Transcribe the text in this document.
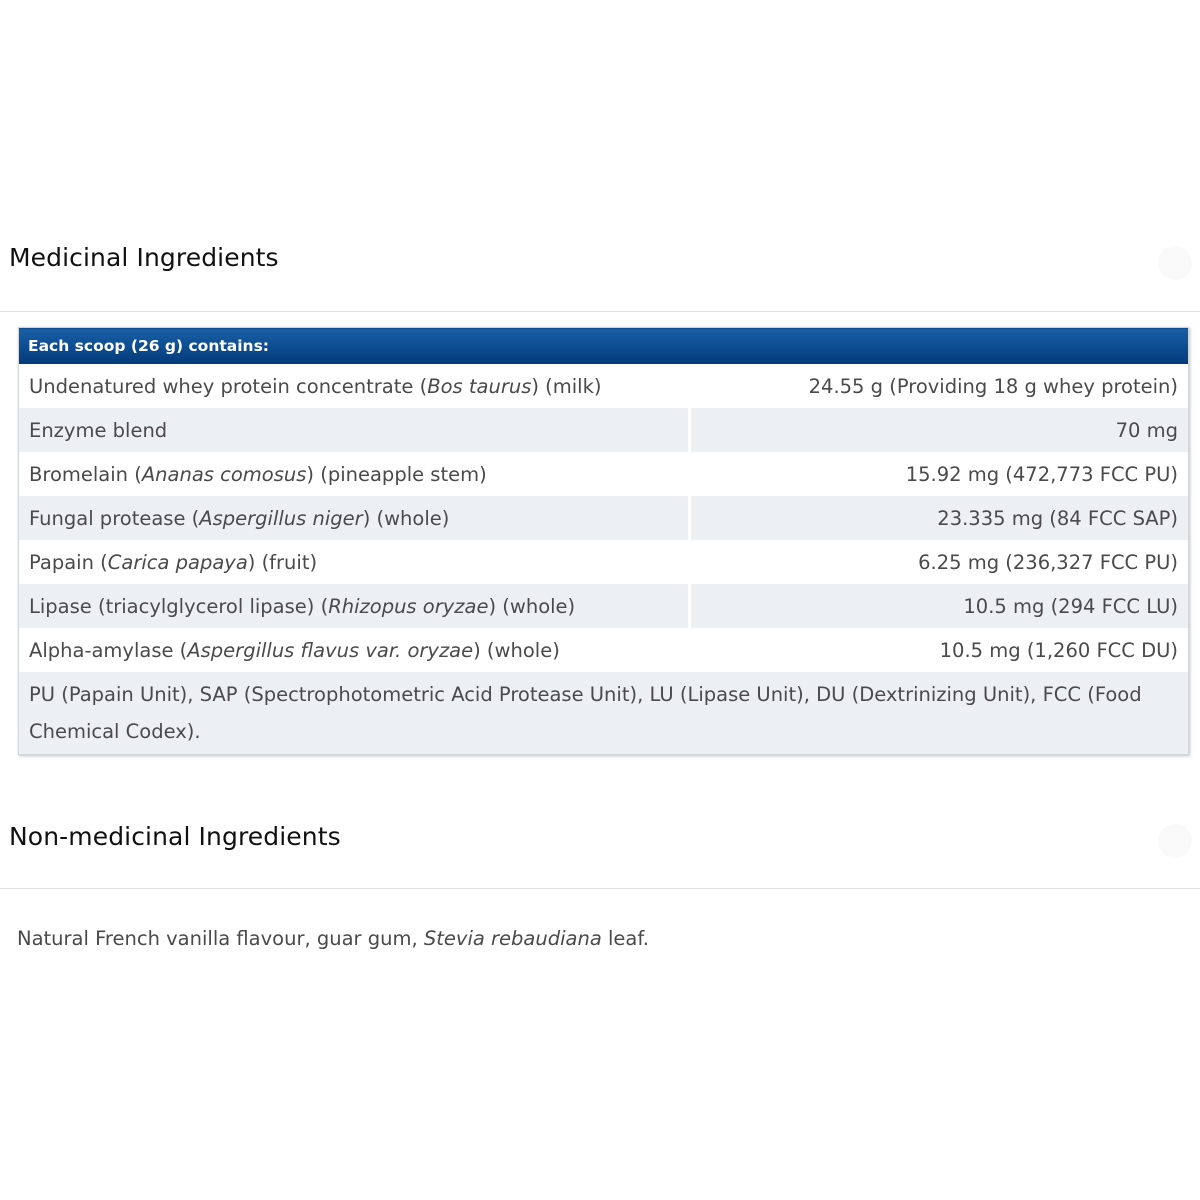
Medicinal Ingredients
Each scoop (26 g) contains:	
Undenatured whey protein concentrate (Bos taurus) (milk)	24.55 g (Providing 18 g whey protein)
Enzyme blend	70 mg
Bromelain (Ananas comosus) (pineapple stem)	15.92 mg (472,773 FCC PU)
Fungal protease (Aspergillus niger) (whole)	23.335 mg (84 FCC SAP)
Papain (Carica papaya) (fruit)	6.25 mg (236,327 FCC PU)
Lipase (triacylglycerol lipase) (Rhizopus oryzae) (whole)	10.5 mg (294 FCC LU)
Alpha-amylase (Aspergillus flavus var. oryzae) (whole)	10.5 mg (1,260 FCC DU)
PU (Papain Unit), SAP (Spectrophotometric Acid Protease Unit), LU (Lipase Unit), DU (Dextrinizing Unit), FCC (Food Chemical Codex).	
Non-medicinal Ingredients

Natural French vanilla flavour, guar gum, Stevia rebaudiana leaf.
